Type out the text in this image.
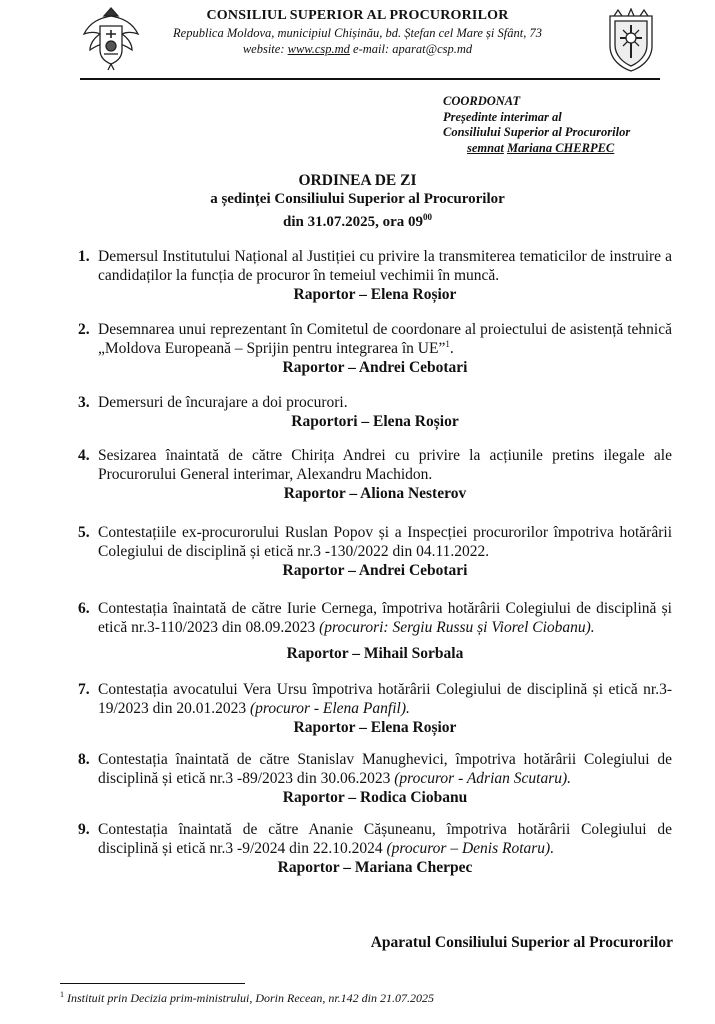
CONSILIUL SUPERIOR AL PROCURORILOR
Republica Moldova, municipiul Chișinău, bd. Ștefan cel Mare și Sfânt, 73
website: www.csp.md e-mail: aparat@csp.md
COORDONAT
Președinte interimar al
Consiliului Superior al Procurorilor
semnat Mariana CHERPEC
ORDINEA DE ZI
a ședinței Consiliului Superior al Procurorilor
din 31.07.2025, ora $09^{00}$
1. Demersul Institutului Național al Justiției cu privire la transmiterea tematicilor de instruire a candidaților la funcția de procuror în temeiul vechimii în muncă.
Raportor – Elena Roșior
2. Desemnarea unui reprezentant în Comitetul de coordonare al proiectului de asistență tehnică „Moldova Europeană – Sprijin pentru integrarea în UE”$^1$.
Raportor – Andrei Cebotari
3. Demersuri de încurajare a doi procurori.
Raportori – Elena Roșior
4. Sesizarea înaintată de către Chirița Andrei cu privire la acțiunile pretins ilegale ale Procurorului General interimar, Alexandru Machidon.
Raportor – Aliona Nesterov
5. Contestațiile ex-procurorului Ruslan Popov și a Inspecției procurorilor împotriva hotărârii Colegiului de disciplină și etică nr.3 -130/2022 din 04.11.2022.
Raportor – Andrei Cebotari
6. Contestația înaintată de către Iurie Cernega, împotriva hotărârii Colegiului de disciplină și etică nr.3-110/2023 din 08.09.2023 (procurori: Sergiu Russu și Viorel Ciobanu).
Raportor – Mihail Sorbala
7. Contestația avocatului Vera Ursu împotriva hotărârii Colegiului de disciplină și etică nr.3-19/2023 din 20.01.2023 (procuror - Elena Panfil).
Raportor – Elena Roșior
8. Contestația înaintată de către Stanislav Manughevici, împotriva hotărârii Colegiului de disciplină și etică nr.3 -89/2023 din 30.06.2023 (procuror - Adrian Scutaru).
Raportor – Rodica Ciobanu
9. Contestația înaintată de către Ananie Cășuneanu, împotriva hotărârii Colegiului de disciplină și etică nr.3 -9/2024 din 22.10.2024 (procuror – Denis Rotaru).
Raportor – Mariana Cherpec
Aparatul Consiliului Superior al Procurorilor
$^1$ Instituit prin Decizia prim-ministrului, Dorin Recean, nr.142 din 21.07.2025
